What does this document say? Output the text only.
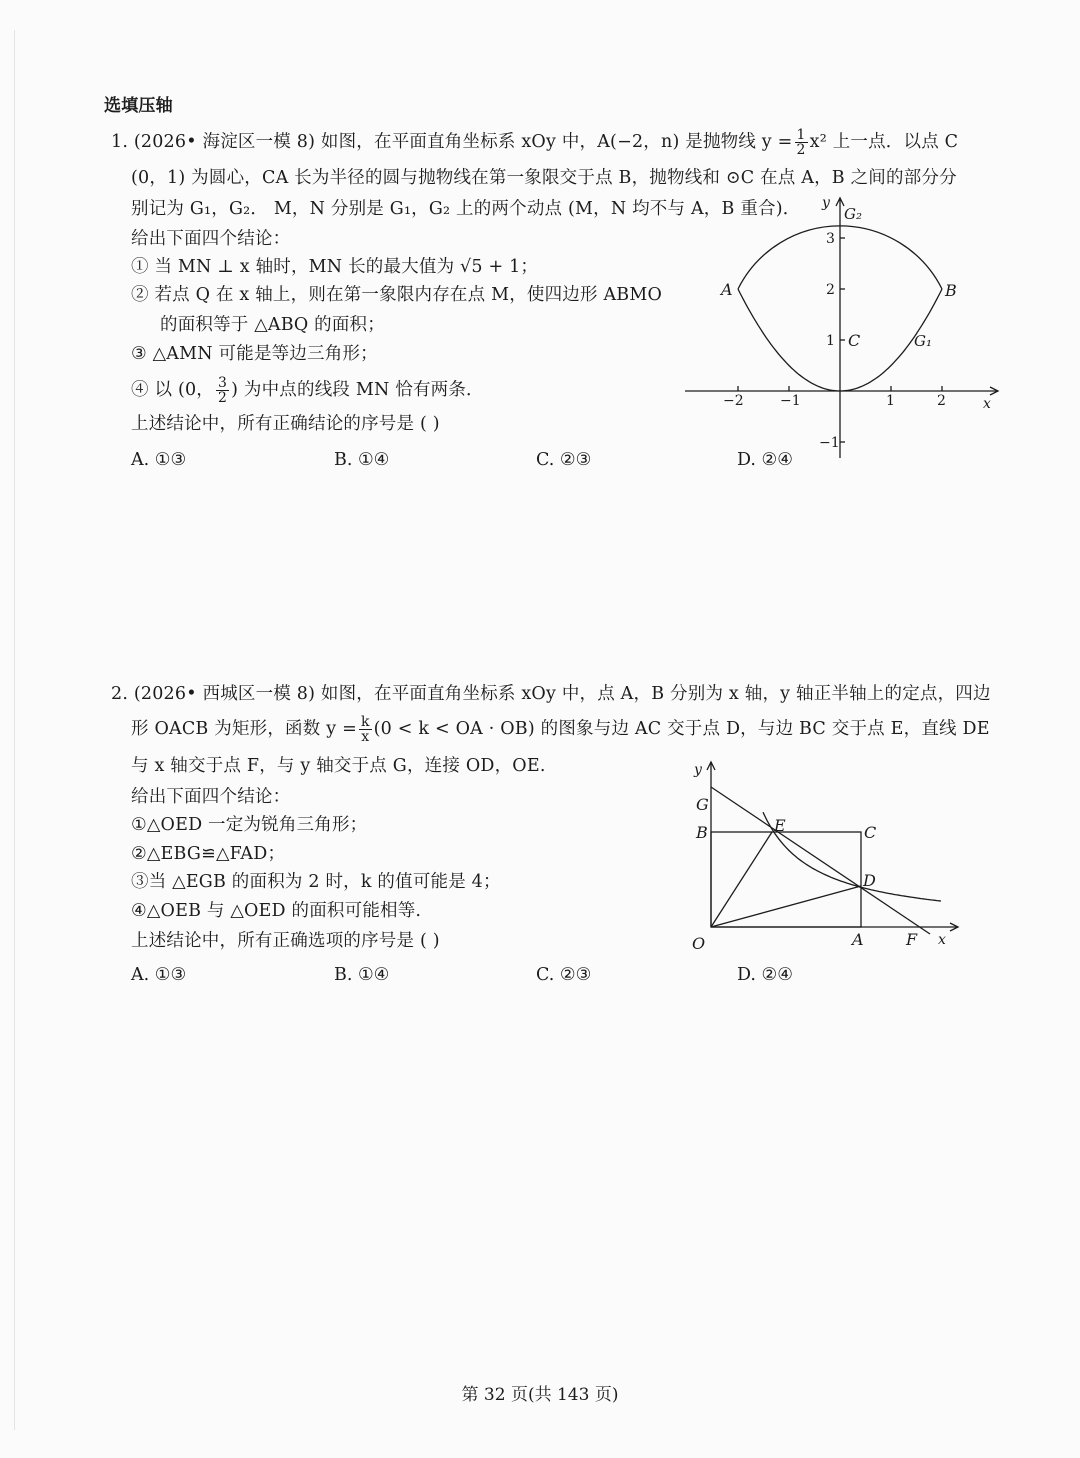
选填压轴
1. (2026• 海淀区一模 8) 如图，在平面直角坐标系 xOy 中，A(−2，n) 是抛物线 $y = \frac{1}{2} x^2$ 上一点．以点 C
(0，1) 为圆心，CA 长为半径的圆与抛物线在第一象限交于点 B，抛物线和 ⊙C 在点 A，B 之间的部分分
别记为 G₁，G₂． M，N 分别是 G₁，G₂ 上的两个动点 (M，N 均不与 A，B 重合)．
给出下面四个结论：
① 当 MN ⊥ x 轴时，MN 长的最大值为 √5 + 1；
② 若点 Q 在 x 轴上，则在第一象限内存在点 M，使四边形 ABMO
的面积等于 △ABQ 的面积；
③ △AMN 可能是等边三角形；
④ 以 (0， $\frac{3}{2}$ ) 为中点的线段 MN 恰有两条．
上述结论中，所有正确结论的序号是 ( )
A. ①③	B. ①④	C. ②③	D. ②④
−2	−1	1	2
3
2
1
−1
x
y
G₂
A	B
C	G₁
2. (2026• 西城区一模 8) 如图，在平面直角坐标系 xOy 中，点 A，B 分别为 x 轴，y 轴正半轴上的定点，四边
形 OACB 为矩形，函数 $y = \frac{k}{x} (0 < k$ < OA · OB) 的图象与边 AC 交于点 D，与边 BC 交于点 E，直线 DE
与 x 轴交于点 F，与 y 轴交于点 G，连接 OD，OE.
给出下面四个结论：
①△OED 一定为锐角三角形；
②△EBG≌△FAD；
③当 △EGB 的面积为 2 时，k 的值可能是 4；
④△OEB 与 △OED 的面积可能相等.
上述结论中，所有正确选项的序号是 ( )
A. ①③	B. ①④	C. ②③	D. ②④
y
x
O	A	F
B
G
E	C
D
第 32 页(共 143 页)
